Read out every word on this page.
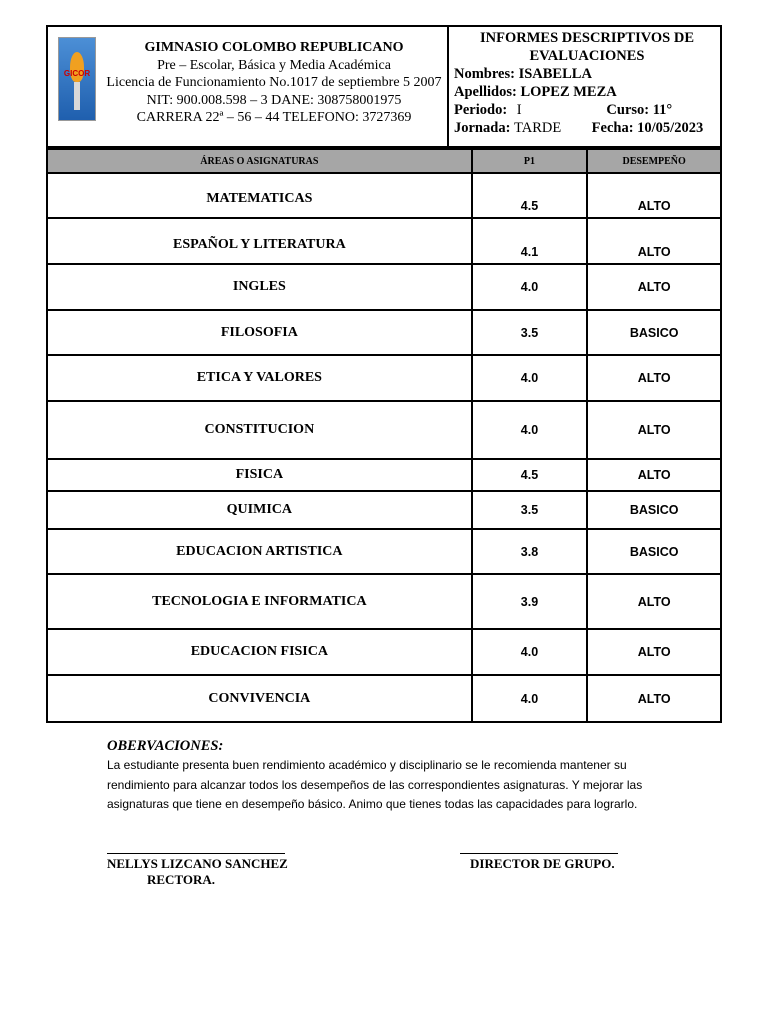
GICOR
GIMNASIO COLOMBO REPUBLICANO
Pre – Escolar, Básica y Media Académica
Licencia de Funcionamiento No.1017 de septiembre 5 2007
NIT: 900.008.598 – 3 DANE: 308758001975
CARRERA 22ª – 56 – 44 TELEFONO: 3727369
INFORMES DESCRIPTIVOS DE EVALUACIONES
Nombres: ISABELLA
Apellidos: LOPEZ MEZA
Periodo: I	Curso: 11°
Jornada: TARDE Fecha: 10/05/2023
ÁREAS O ASIGNATURAS	P1	DESEMPEÑO
MATEMATICAS	4.5	ALTO
ESPAÑOL Y LITERATURA	4.1	ALTO
INGLES	4.0	ALTO
FILOSOFIA	3.5	BASICO
ETICA Y VALORES	4.0	ALTO
CONSTITUCION	4.0	ALTO
FISICA	4.5	ALTO
QUIMICA	3.5	BASICO
EDUCACION ARTISTICA	3.8	BASICO
TECNOLOGIA E INFORMATICA	3.9	ALTO
EDUCACION FISICA	4.0	ALTO
CONVIVENCIA	4.0	ALTO
OBERVACIONES:
La estudiante presenta buen rendimiento académico y disciplinario se le recomienda mantener su rendimiento para alcanzar todos los desempeños de las correspondientes asignaturas. Y mejorar las asignaturas que tiene en desempeño básico. Animo que tienes todas las capacidades para lograrlo.
NELLYS LIZCANO SANCHEZ
RECTORA.
DIRECTOR DE GRUPO.
